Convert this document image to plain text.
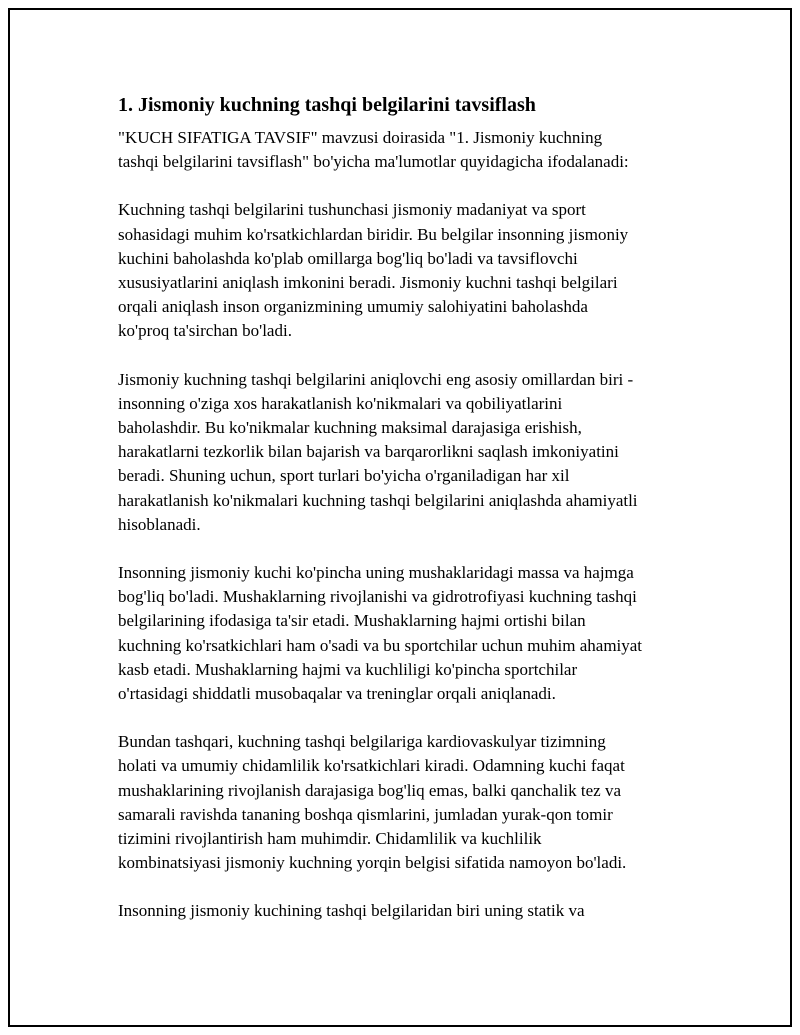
1. Jismoniy kuchning tashqi belgilarini tavsiflash

"KUCH SIFATIGA TAVSIF" mavzusi doirasida "1. Jismoniy kuchning
tashqi belgilarini tavsiflash" bo'yicha ma'lumotlar quyidagicha ifodalanadi:

Kuchning tashqi belgilarini tushunchasi jismoniy madaniyat va sport
sohasidagi muhim ko'rsatkichlardan biridir. Bu belgilar insonning jismoniy
kuchini baholashda ko'plab omillarga bog'liq bo'ladi va tavsiflovchi
xususiyatlarini aniqlash imkonini beradi. Jismoniy kuchni tashqi belgilari
orqali aniqlash inson organizmining umumiy salohiyatini baholashda
ko'proq ta'sirchan bo'ladi.

Jismoniy kuchning tashqi belgilarini aniqlovchi eng asosiy omillardan biri -
insonning o'ziga xos harakatlanish ko'nikmalari va qobiliyatlarini
baholashdir. Bu ko'nikmalar kuchning maksimal darajasiga erishish,
harakatlarni tezkorlik bilan bajarish va barqarorlikni saqlash imkoniyatini
beradi. Shuning uchun, sport turlari bo'yicha o'rganiladigan har xil
harakatlanish ko'nikmalari kuchning tashqi belgilarini aniqlashda ahamiyatli
hisoblanadi.

Insonning jismoniy kuchi ko'pincha uning mushaklaridagi massa va hajmga
bog'liq bo'ladi. Mushaklarning rivojlanishi va gidrotrofiyasi kuchning tashqi
belgilarining ifodasiga ta'sir etadi. Mushaklarning hajmi ortishi bilan
kuchning ko'rsatkichlari ham o'sadi va bu sportchilar uchun muhim ahamiyat
kasb etadi. Mushaklarning hajmi va kuchliligi ko'pincha sportchilar
o'rtasidagi shiddatli musobaqalar va treninglar orqali aniqlanadi.

Bundan tashqari, kuchning tashqi belgilariga kardiovaskulyar tizimning
holati va umumiy chidamlilik ko'rsatkichlari kiradi. Odamning kuchi faqat
mushaklarining rivojlanish darajasiga bog'liq emas, balki qanchalik tez va
samarali ravishda tananing boshqa qismlarini, jumladan yurak-qon tomir
tizimini rivojlantirish ham muhimdir. Chidamlilik va kuchlilik
kombinatsiyasi jismoniy kuchning yorqin belgisi sifatida namoyon bo'ladi.

Insonning jismoniy kuchining tashqi belgilaridan biri uning statik va
